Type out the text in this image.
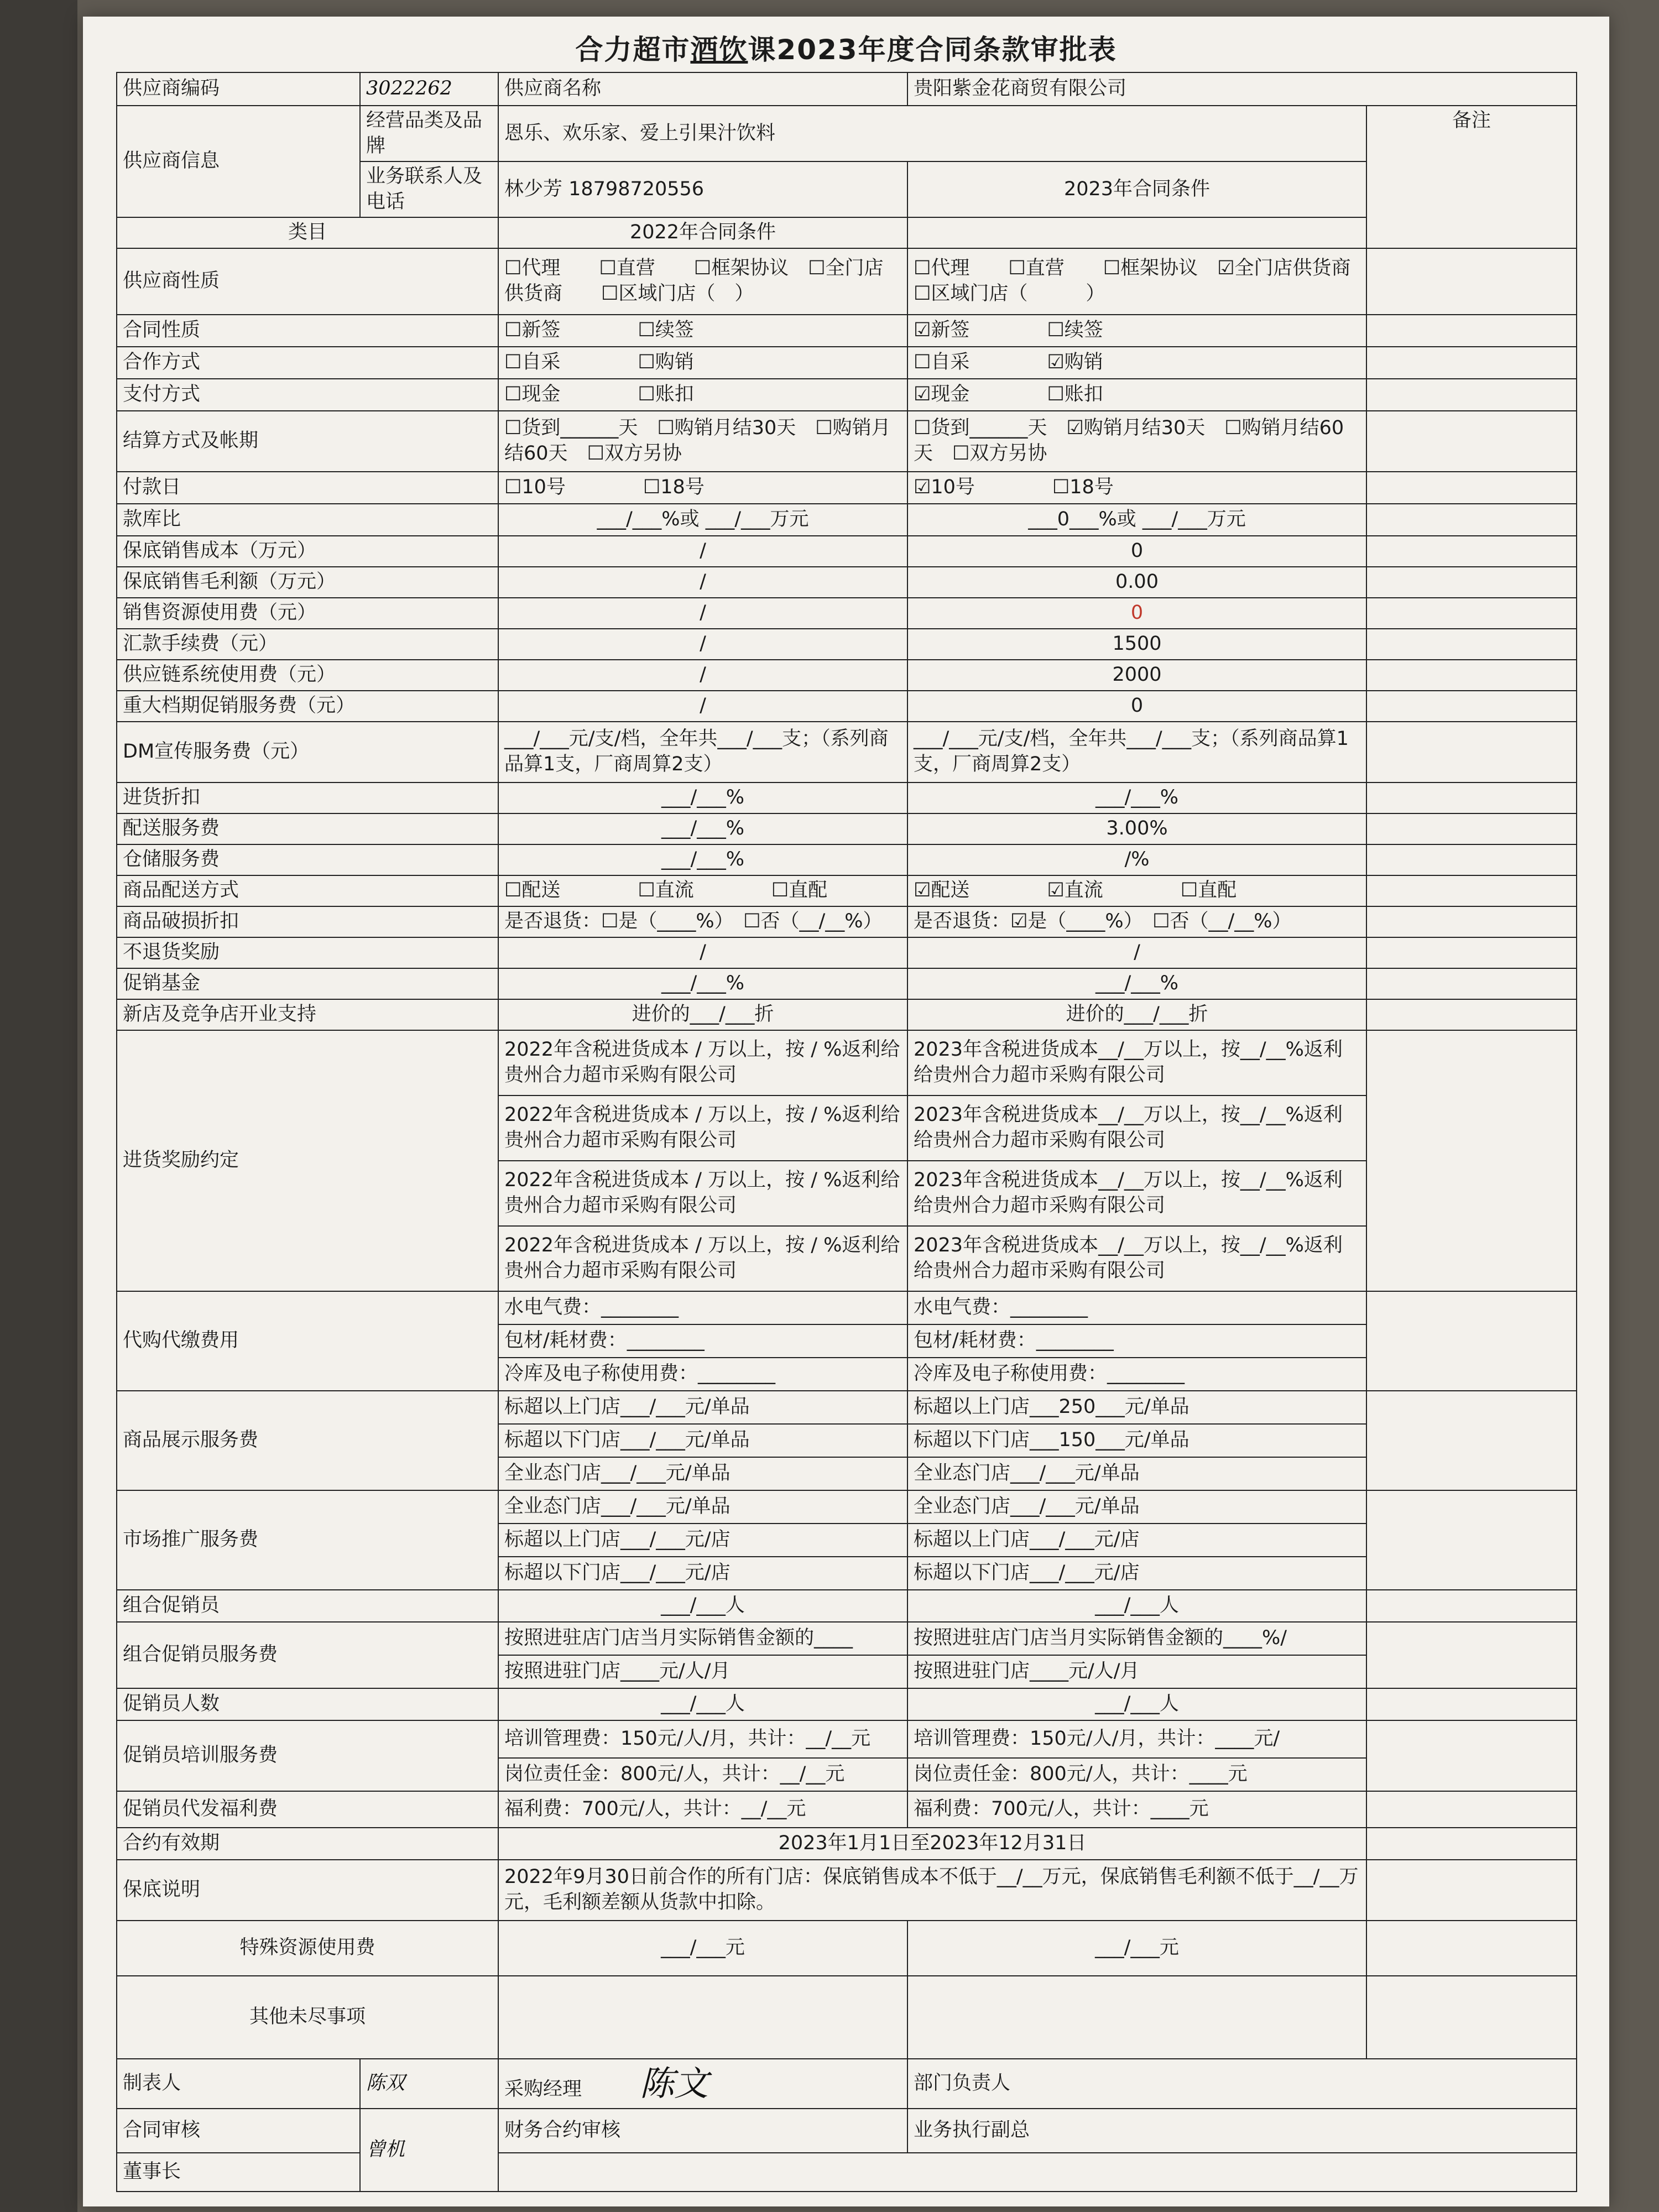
合力超市酒饮课2023年度合同条款审批表
供应商编码	3022262	供应商名称	贵阳紫金花商贸有限公司	
供应商信息	经营品类及品牌	恩乐、欢乐家、爱上引果汁饮料		备注
	业务联系人及电话	林少芳 18798720556	2023年合同条件	
类目		2022年合同条件		
供应商性质		☐代理　　☐直营　　☐框架协议　☐全门店供货商　　☐区域门店（　）	☐代理　　☐直营　　☐框架协议　☑全门店供货商　　☐区域门店（　　　）	
合同性质		☐新签　　　　☐续签	☑新签　　　　☐续签	
合作方式		☐自采　　　　☐购销	☐自采　　　　☑购销	
支付方式		☐现金　　　　☐账扣	☑现金　　　　☐账扣	
结算方式及帐期		☐货到______天　☐购销月结30天　☐购销月结60天　☐双方另协	☐货到______天　☑购销月结30天　☐购销月结60天　☐双方另协	
付款日		☐10号　　　　☐18号	☑10号　　　　☐18号	
款库比		___/___%或 ___/___万元	___0___%或 ___/___万元	
保底销售成本（万元）		/	0	
保底销售毛利额（万元）		/	0.00	
销售资源使用费（元）		/	0	
汇款手续费（元）		/	1500	
供应链系统使用费（元）		/	2000	
重大档期促销服务费（元）		/	0	
DM宣传服务费（元）		___/___元/支/档，全年共___/___支；（系列商品算1支，厂商周算2支）	___/___元/支/档，全年共___/___支；（系列商品算1支，厂商周算2支）	
进货折扣		___/___%	___/___%	
配送服务费		___/___%	3.00%	
仓储服务费		___/___%	/%	
商品配送方式		☐配送　　　　☐直流　　　　☐直配	☑配送　　　　☑直流　　　　☐直配	
商品破损折扣		是否退货：☐是（____%）　☐否（__/__%）	是否退货：☑是（____%）　☐否（__/__%）	
不退货奖励		/	/	
促销基金		___/___%	___/___%	
新店及竞争店开业支持		进价的___/___折	进价的___/___折	
进货奖励约定		2022年含税进货成本 / 万以上，按 / %返利给贵州合力超市采购有限公司	2023年含税进货成本__/__万以上，按__/__%返利给贵州合力超市采购有限公司	
		2022年含税进货成本 / 万以上，按 / %返利给贵州合力超市采购有限公司	2023年含税进货成本__/__万以上，按__/__%返利给贵州合力超市采购有限公司	
		2022年含税进货成本 / 万以上，按 / %返利给贵州合力超市采购有限公司	2023年含税进货成本__/__万以上，按__/__%返利给贵州合力超市采购有限公司	
		2022年含税进货成本 / 万以上，按 / %返利给贵州合力超市采购有限公司	2023年含税进货成本__/__万以上，按__/__%返利给贵州合力超市采购有限公司	
代购代缴费用		水电气费：________	水电气费：________	
		包材/耗材费：________	包材/耗材费：________	
		冷库及电子称使用费：________	冷库及电子称使用费：________	
商品展示服务费		标超以上门店___/___元/单品	标超以上门店___250___元/单品	
		标超以下门店___/___元/单品	标超以下门店___150___元/单品	
		全业态门店___/___元/单品	全业态门店___/___元/单品	
市场推广服务费		全业态门店___/___元/单品	全业态门店___/___元/单品	
		标超以上门店___/___元/店	标超以上门店___/___元/店	
		标超以下门店___/___元/店	标超以下门店___/___元/店	
组合促销员		___/___人	___/___人	
组合促销员服务费		按照进驻店门店当月实际销售金额的____	按照进驻店门店当月实际销售金额的____%/	
		按照进驻门店____元/人/月	按照进驻门店____元/人/月	
促销员人数		___/___人	___/___人	
促销员培训服务费		培训管理费：150元/人/月，共计：__/__元	培训管理费：150元/人/月，共计：____元/	
		岗位责任金：800元/人，共计：__/__元	岗位责任金：800元/人，共计：____元	
促销员代发福利费		福利费：700元/人，共计：__/__元	福利费：700元/人，共计：____元	
合约有效期		2023年1月1日至2023年12月31日		
保底说明		2022年9月30日前合作的所有门店：保底销售成本不低于__/__万元，保底销售毛利额不低于__/__万元，毛利额差额从货款中扣除。		
特殊资源使用费		___/___元	___/___元	
其他未尽事项				
制表人	陈双	采购经理　　　 陈文	部门负责人	
合同审核	曾机	财务合约审核	业务执行副总	
董事长				
